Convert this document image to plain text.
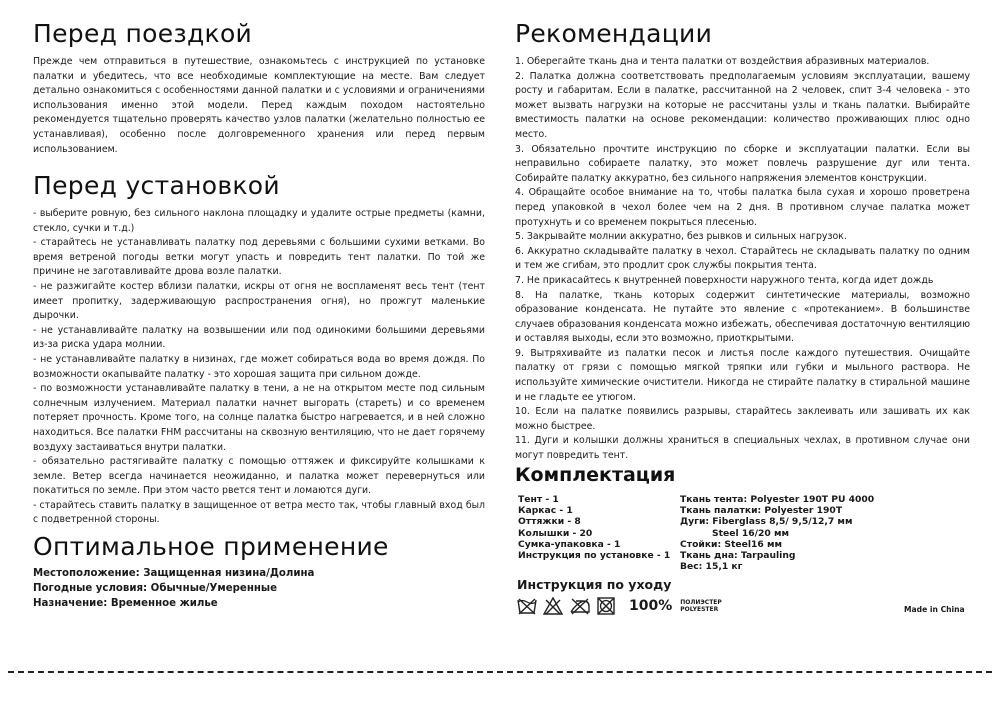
Перед поездкой

Прежде чем отправиться в путешествие, ознакомьтесь с инструкцией по установке палатки и убедитесь, что все необходимые комплектующие на месте. Вам следует детально ознакомиться с особенностями данной палатки и с условиями и ограничениями использования именно этой модели. Перед каждым походом настоятельно рекомендуется тщательно проверять качество узлов палатки (желательно полностью ее устанавливая), особенно после долговременного хранения или перед первым использованием.

Перед установкой

- выберите ровную, без сильного наклона площадку и удалите острые предметы (камни, стекло, сучки и т.д.)

- старайтесь не устанавливать палатку под деревьями с большими сухими ветками. Во время ветреной погоды ветки могут упасть и повредить тент палатки. По той же причине не заготавливайте дрова возле палатки.

- не разжигайте костер вблизи палатки, искры от огня не воспламенят весь тент (тент имеет пропитку, задерживающую распространения огня), но прожгут маленькие дырочки.

- не устанавливайте палатку на возвышении или под одинокими большими деревьями из-за риска удара молнии.

- не устанавливайте палатку в низинах, где может собираться вода во время дождя. По возможности окапывайте палатку - это хорошая защита при сильном дожде.

- по возможности устанавливайте палатку в тени, а не на открытом месте под сильным солнечным излучением. Материал палатки начнет выгорать (стареть) и со временем потеряет прочность. Кроме того, на солнце палатка быстро нагревается, и в ней сложно находиться. Все палатки FHM рассчитаны на сквозную вентиляцию, что не дает горячему воздуху застаиваться внутри палатки.

- обязательно растягивайте палатку с помощью оттяжек и фиксируйте колышками к земле. Ветер всегда начинается неожиданно, и палатка может перевернуться или покатиться по земле. При этом часто рвется тент и ломаются дуги.

- старайтесь ставить палатку в защищенное от ветра место так, чтобы главный вход был с подветренной стороны.

Оптимальное применение

Местоположение: Защищенная низина/Долина

Погодные условия: Обычные/Умеренные

Назначение: Временное жилье

Рекомендации

1. Оберегайте ткань дна и тента палатки от воздействия абразивных материалов.

2. Палатка должна соответствовать предполагаемым условиям эксплуатации, вашему росту и габаритам. Если в палатке, рассчитанной на 2 человек, спит 3-4 человека - это может вызвать нагрузки на которые не рассчитаны узлы и ткань палатки. Выбирайте вместимость палатки на основе рекомендации: количество проживающих плюс одно место.

3. Обязательно прочтите инструкцию по сборке и эксплуатации палатки. Если вы неправильно собираете палатку, это может повлечь разрушение дуг или тента. Собирайте палатку аккуратно, без сильного напряжения элементов конструкции.

4. Обращайте особое внимание на то, чтобы палатка была сухая и хорошо проветрена перед упаковкой в чехол более чем на 2 дня. В противном случае палатка может протухнуть и со временем покрыться плесенью.

5. Закрывайте молнии аккуратно, без рывков и сильных нагрузок.

6. Аккуратно складывайте палатку в чехол. Старайтесь не складывать палатку по одним и тем же сгибам, это продлит срок службы покрытия тента.

7. Не прикасайтесь к внутренней поверхности наружного тента, когда идет дождь

8. На палатке, ткань которых содержит синтетические материалы, возможно образование конденсата. Не путайте это явление с «протеканием». В большинстве случаев образования конденсата можно избежать, обеспечивая достаточную вентиляцию и оставляя выходы, если это возможно, приоткрытыми.

9. Вытряхивайте из палатки песок и листья после каждого путешествия. Очищайте палатку от грязи с помощью мягкой тряпки или губки и мыльного раствора. Не используйте химические очистители. Никогда не стирайте палатку в стиральной машине и не гладьте ее утюгом.

10. Если на палатке появились разрывы, старайтесь заклеивать или зашивать их как можно быстрее.

11. Дуги и колышки должны храниться в специальных чехлах, в противном случае они могут повредить тент.

Комплектация
Тент - 1
Каркас - 1
Оттяжки - 8
Колышки - 20
Сумка-упаковка - 1
Инструкция по установке - 1
Ткань тента: Polyester 190T PU 4000
Ткань палатки: Polyester 190T
Дуги: Fiberglass 8,5/ 9,5/12,7 мм
Steel 16/20 мм
Стойки: Steel16 мм
Ткань дна: Tarpauling
Вес: 15,1 кг
Инструкция по уходу
100% ПОЛИЭСТЕР
POLYESTER	Made in China
